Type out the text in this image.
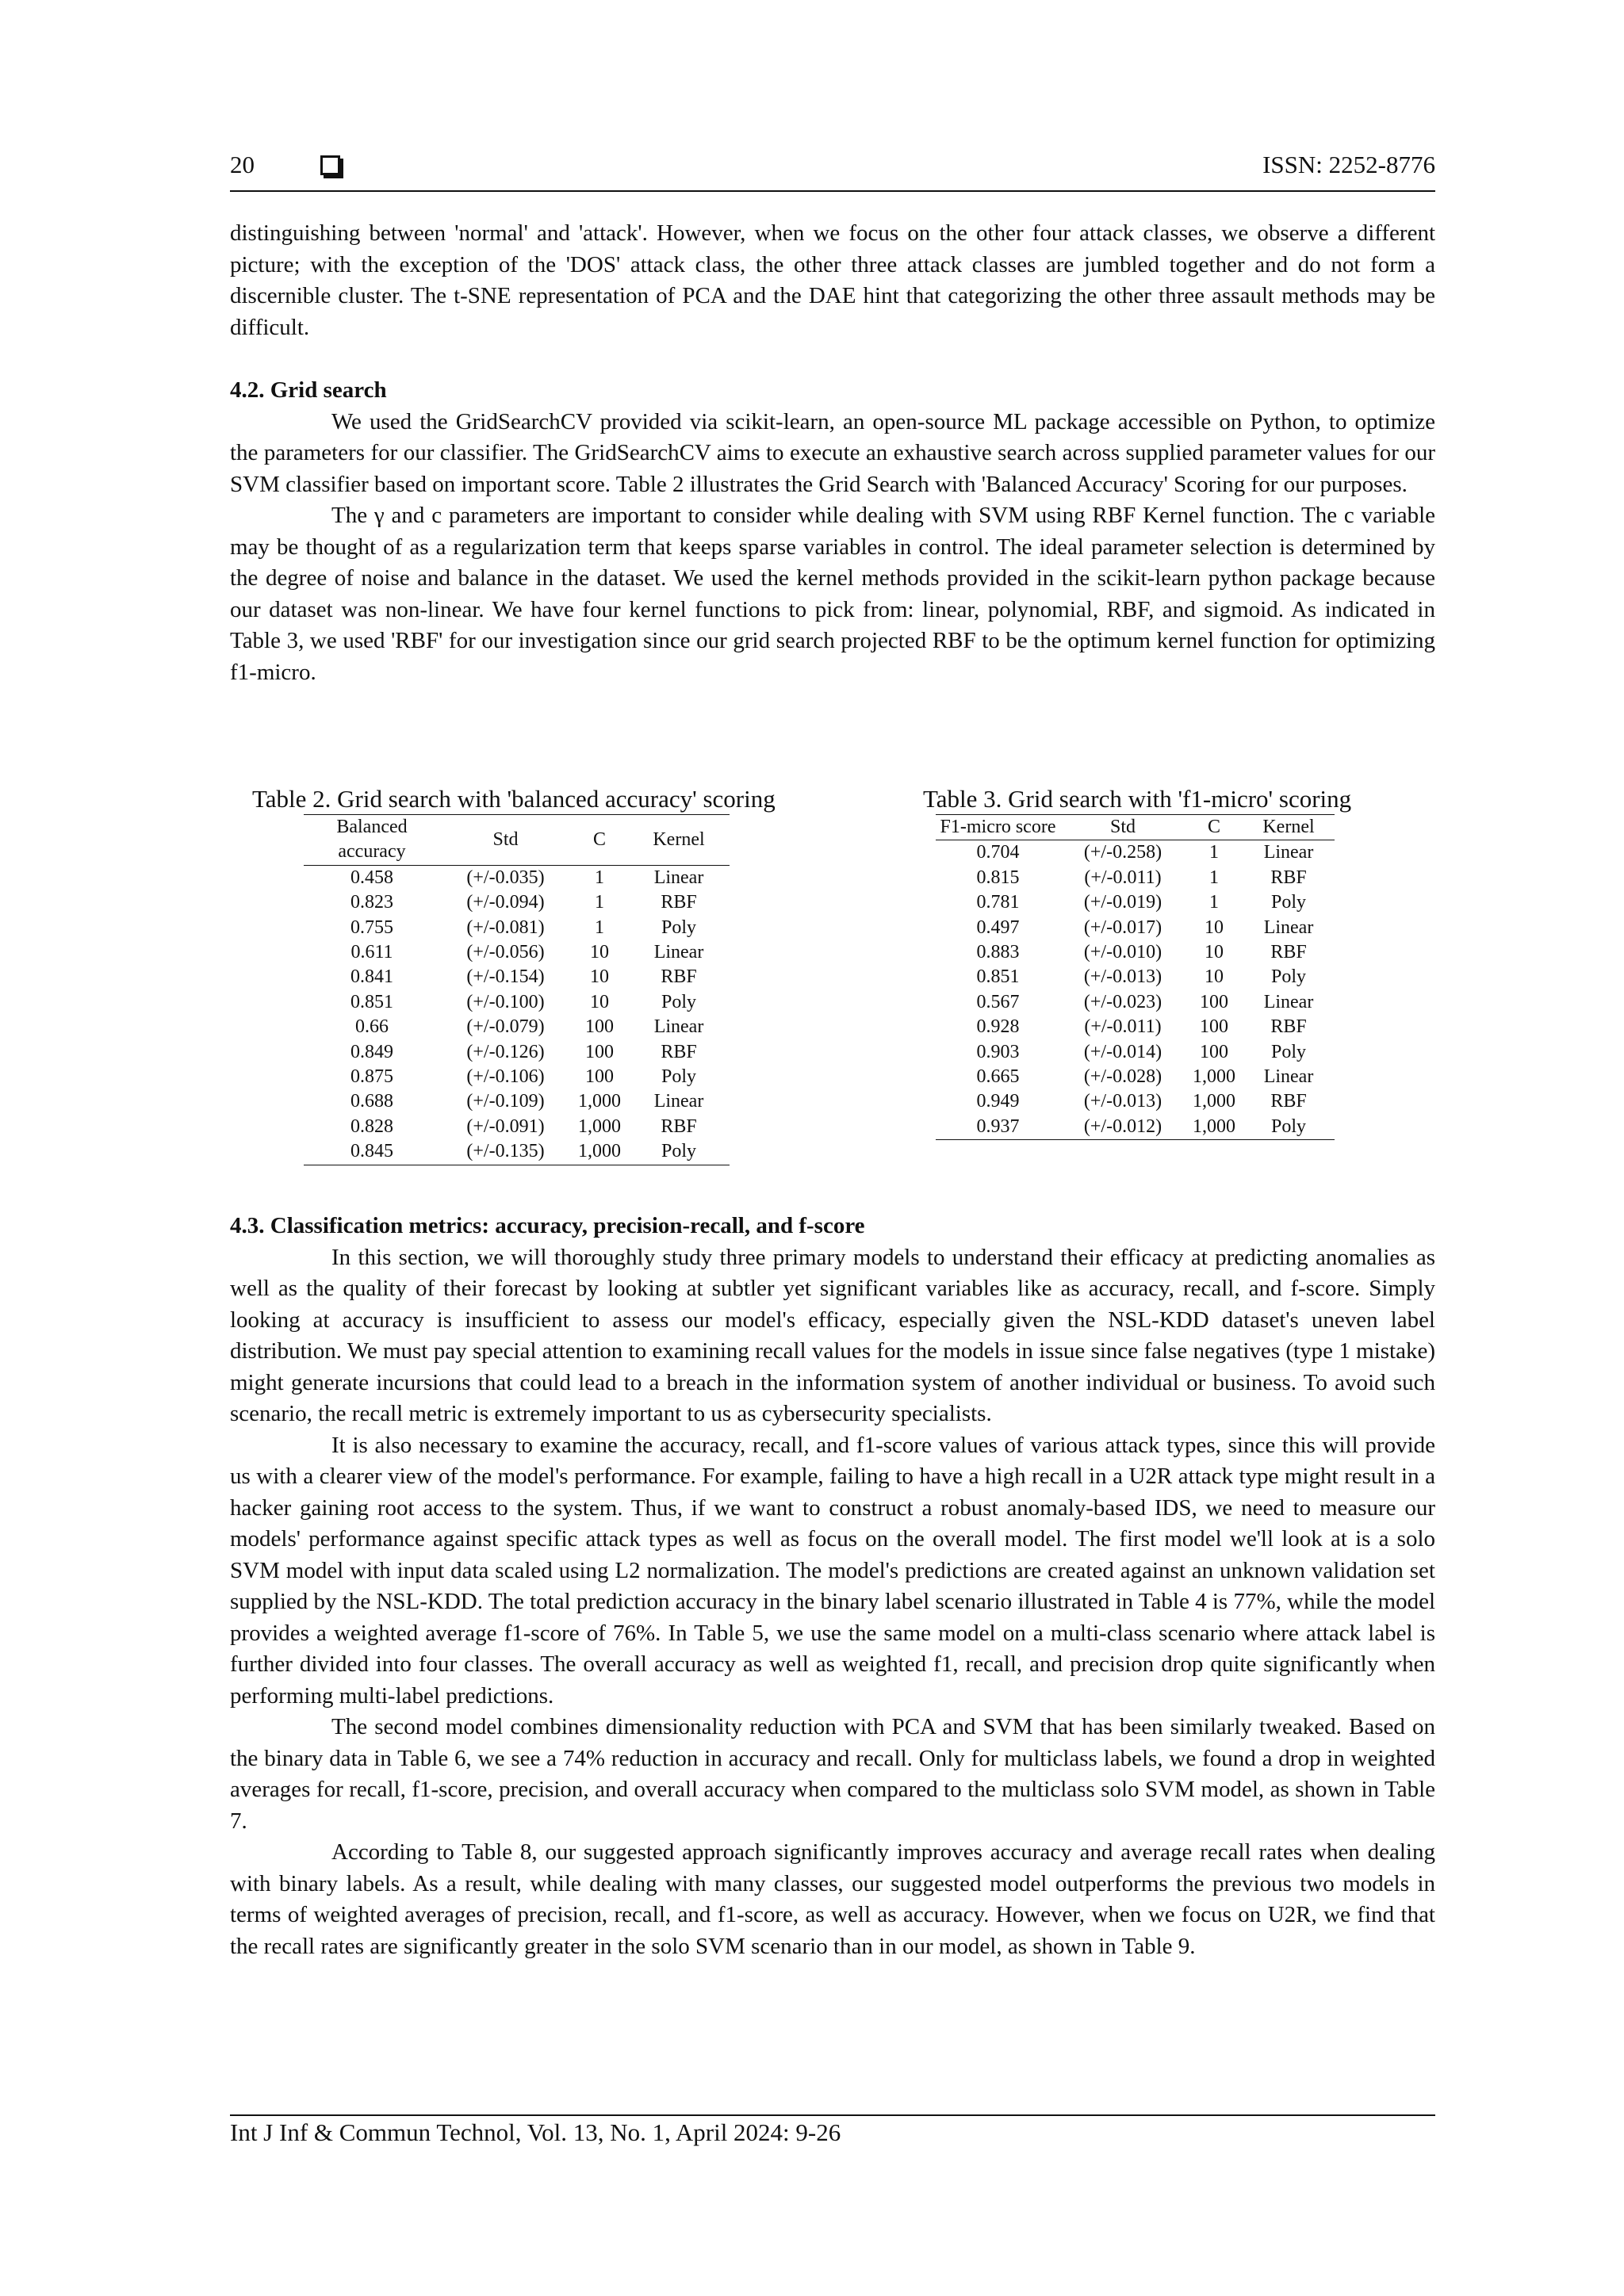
20	ISSN: 2252-8776

distinguishing between 'normal' and 'attack'. However, when we focus on the other four attack classes, we observe a different picture; with the exception of the 'DOS' attack class, the other three attack classes are jumbled together and do not form a discernible cluster. The t-SNE representation of PCA and the DAE hint that categorizing the other three assault methods may be difficult.

4.2. Grid search

We used the GridSearchCV provided via scikit-learn, an open-source ML package accessible on Python, to optimize the parameters for our classifier. The GridSearchCV aims to execute an exhaustive search across supplied parameter values for our SVM classifier based on important score. Table 2 illustrates the Grid Search with 'Balanced Accuracy' Scoring for our purposes.

The γ and c parameters are important to consider while dealing with SVM using RBF Kernel function. The c variable may be thought of as a regularization term that keeps sparse variables in control. The ideal parameter selection is determined by the degree of noise and balance in the dataset. We used the kernel methods provided in the scikit-learn python package because our dataset was non-linear. We have four kernel functions to pick from: linear, polynomial, RBF, and sigmoid. As indicated in Table 3, we used 'RBF' for our investigation since our grid search projected RBF to be the optimum kernel function for optimizing f1-micro.

Table 2. Grid search with 'balanced accuracy' scoring
Balanced accuracy	Std	C	Kernel
0.458	(+/-0.035)	1	Linear
0.823	(+/-0.094)	1	RBF
0.755	(+/-0.081)	1	Poly
0.611	(+/-0.056)	10	Linear
0.841	(+/-0.154)	10	RBF
0.851	(+/-0.100)	10	Poly
0.66	(+/-0.079)	100	Linear
0.849	(+/-0.126)	100	RBF
0.875	(+/-0.106)	100	Poly
0.688	(+/-0.109)	1,000	Linear
0.828	(+/-0.091)	1,000	RBF
0.845	(+/-0.135)	1,000	Poly
Table 3. Grid search with 'f1-micro' scoring
F1-micro score	Std	C	Kernel
0.704	(+/-0.258)	1	Linear
0.815	(+/-0.011)	1	RBF
0.781	(+/-0.019)	1	Poly
0.497	(+/-0.017)	10	Linear
0.883	(+/-0.010)	10	RBF
0.851	(+/-0.013)	10	Poly
0.567	(+/-0.023)	100	Linear
0.928	(+/-0.011)	100	RBF
0.903	(+/-0.014)	100	Poly
0.665	(+/-0.028)	1,000	Linear
0.949	(+/-0.013)	1,000	RBF
0.937	(+/-0.012)	1,000	Poly
4.3. Classification metrics: accuracy, precision-recall, and f-score

In this section, we will thoroughly study three primary models to understand their efficacy at predicting anomalies as well as the quality of their forecast by looking at subtler yet significant variables like as accuracy, recall, and f-score. Simply looking at accuracy is insufficient to assess our model's efficacy, especially given the NSL-KDD dataset's uneven label distribution. We must pay special attention to examining recall values for the models in issue since false negatives (type 1 mistake) might generate incursions that could lead to a breach in the information system of another individual or business. To avoid such scenario, the recall metric is extremely important to us as cybersecurity specialists.

It is also necessary to examine the accuracy, recall, and f1-score values of various attack types, since this will provide us with a clearer view of the model's performance. For example, failing to have a high recall in a U2R attack type might result in a hacker gaining root access to the system. Thus, if we want to construct a robust anomaly-based IDS, we need to measure our models' performance against specific attack types as well as focus on the overall model. The first model we'll look at is a solo SVM model with input data scaled using L2 normalization. The model's predictions are created against an unknown validation set supplied by the NSL-KDD. The total prediction accuracy in the binary label scenario illustrated in Table 4 is 77%, while the model provides a weighted average f1-score of 76%. In Table 5, we use the same model on a multi-class scenario where attack label is further divided into four classes. The overall accuracy as well as weighted f1, recall, and precision drop quite significantly when performing multi-label predictions.

The second model combines dimensionality reduction with PCA and SVM that has been similarly tweaked. Based on the binary data in Table 6, we see a 74% reduction in accuracy and recall. Only for multiclass labels, we found a drop in weighted averages for recall, f1-score, precision, and overall accuracy when compared to the multiclass solo SVM model, as shown in Table 7.

According to Table 8, our suggested approach significantly improves accuracy and average recall rates when dealing with binary labels. As a result, while dealing with many classes, our suggested model outperforms the previous two models in terms of weighted averages of precision, recall, and f1-score, as well as accuracy. However, when we focus on U2R, we find that the recall rates are significantly greater in the solo SVM scenario than in our model, as shown in Table 9.

Int J Inf & Commun Technol, Vol. 13, No. 1, April 2024: 9-26
